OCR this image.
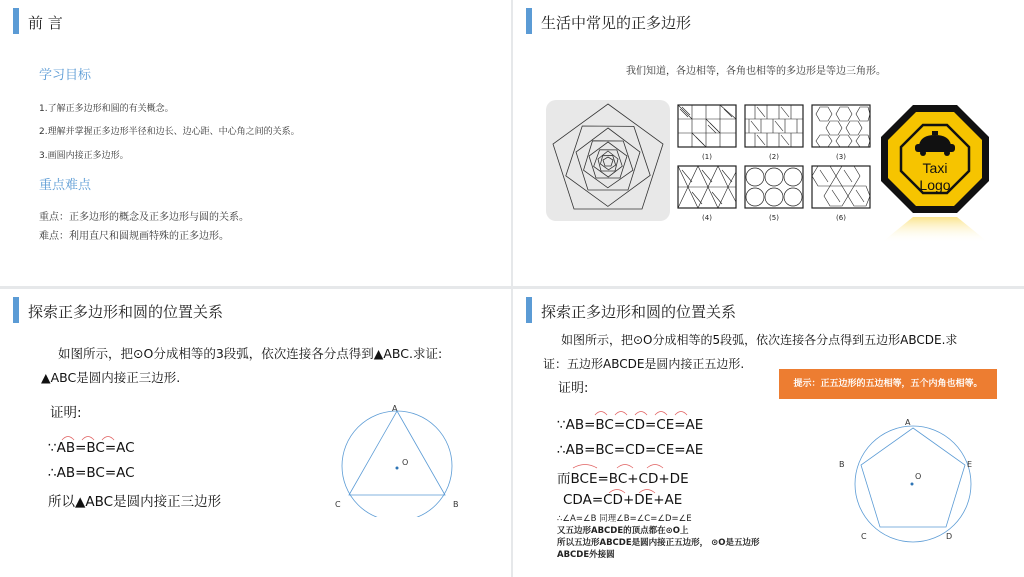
前 言
学习目标
1.了解正多边形和圆的有关概念。
2.理解并掌握正多边形半径和边长、边心距、中心角之间的关系。
3.画圆内接正多边形。
重点难点
重点：正多边形的概念及正多边形与圆的关系。
难点：利用直尺和圆规画特殊的正多边形。
生活中常见的正多边形
我们知道，各边相等，各角也相等的多边形是等边三角形。
(1)	(2)	(3)
(4)	(5)	(6)
Taxi
Logo
探索正多边形和圆的位置关系
如图所示，把⊙O分成相等的3段弧，依次连接各分点得到▲ABC.求证:
▲ABC是圆内接正三边形.
证明:
∵AB=BC=AC
∴AB=BC=AC
所以▲ABC是圆内接正三边形
A
B
C
O
探索正多边形和圆的位置关系
如图所示，把⊙O分成相等的5段弧，依次连接各分点得到五边形ABCDE.求
证：五边形ABCDE是圆内接正五边形.
证明:	提示：正五边形的五边相等，五个内角也相等。
∵AB=BC=CD=CE=AE
∴AB=BC=CD=CE=AE
而BCE=BC+CD+DE
CDA=CD+DE+AE
∴∠A=∠B 同理∠B=∠C=∠D=∠E
又五边形ABCDE的顶点都在⊙O上
所以五边形ABCDE是圆内接正五边形， ⊙O是五边形
ABCDE外接圆
A
B
C	D
E
O
